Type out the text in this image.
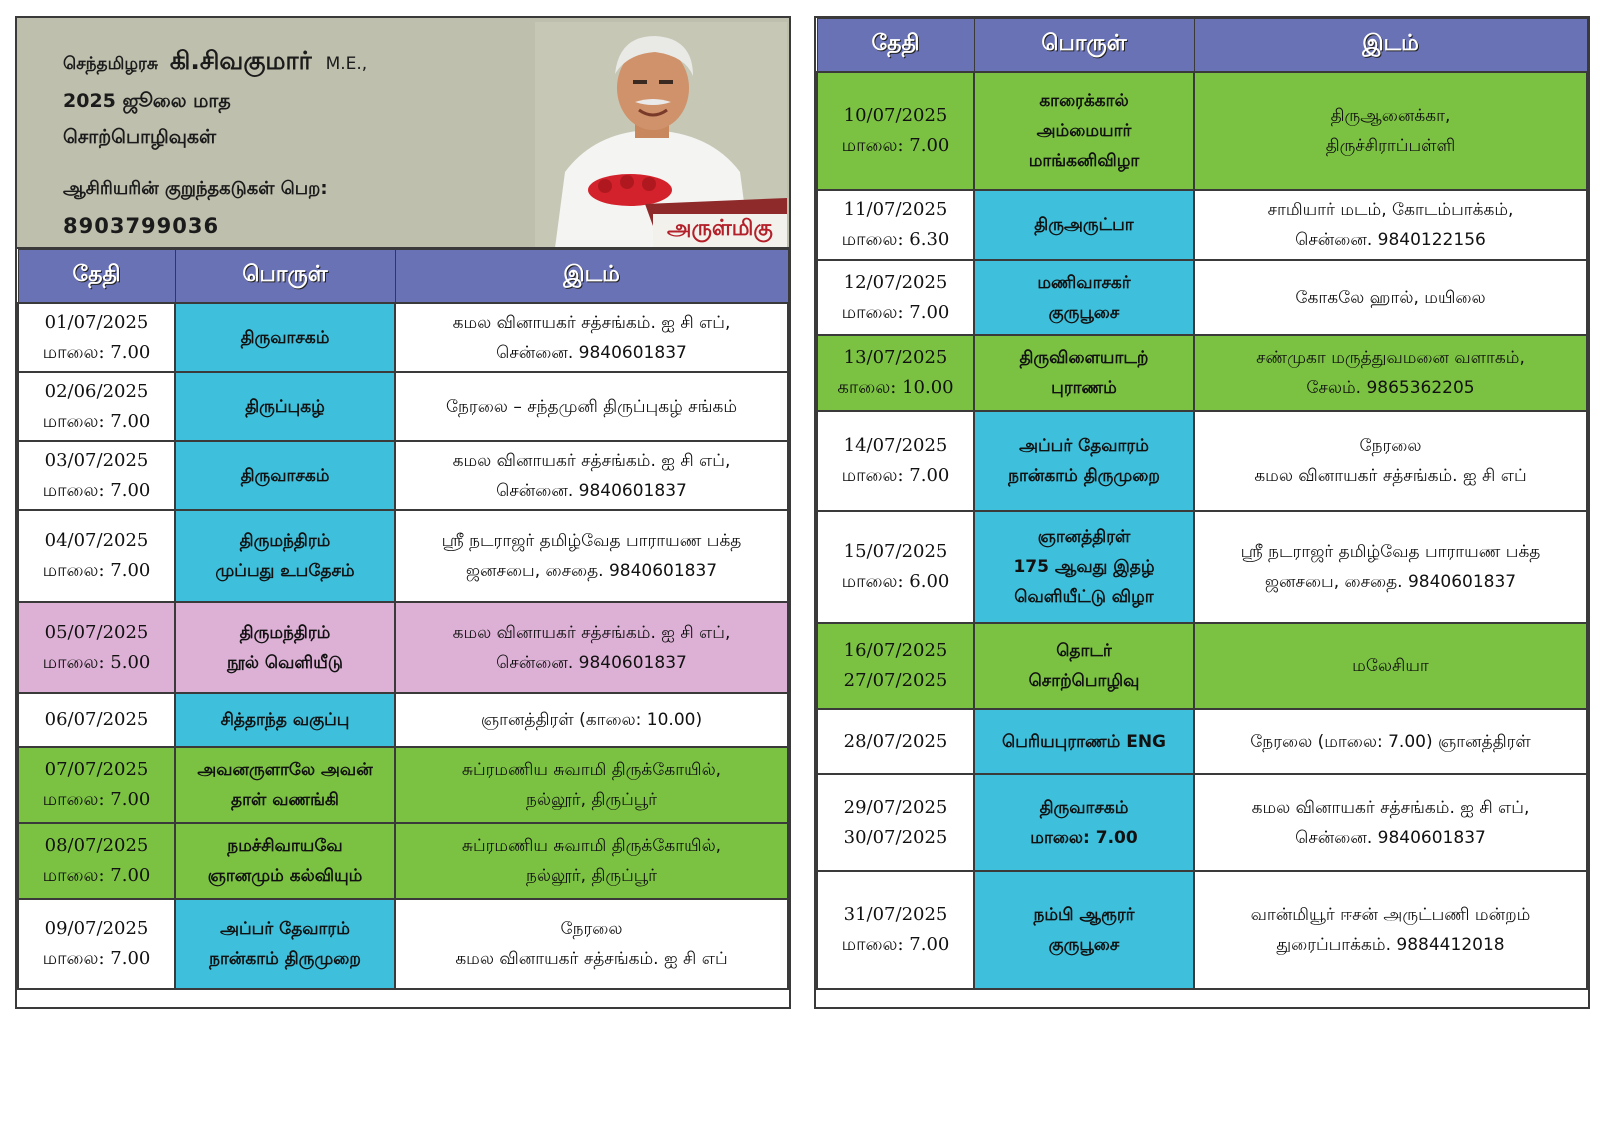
செந்தமிழரசு கி.சிவகுமார் M.E.,
2025 ஜூலை மாத
சொற்பொழிவுகள்
ஆசிரியரின் குறுந்தகடுகள் பெற:
8903799036	அருள்மிகு
தேதி	பொருள்	இடம்

01/07/2025
மாலை: 7.00	திருவாசகம்	கமல வினாயகர் சத்சங்கம். ஐ சி எப்,
சென்னை. 9840601837

02/06/2025
மாலை: 7.00	திருப்புகழ்	நேரலை – சந்தமுனி திருப்புகழ் சங்கம்

03/07/2025
மாலை: 7.00	திருவாசகம்	கமல வினாயகர் சத்சங்கம். ஐ சி எப்,
சென்னை. 9840601837

04/07/2025
மாலை: 7.00	திருமந்திரம்
முப்பது உபதேசம்	ஸ்ரீ நடராஜர் தமிழ்வேத பாராயண பக்த
ஜனசபை, சைதை. 9840601837

05/07/2025
மாலை: 5.00	திருமந்திரம்
நூல் வெளியீடு	கமல வினாயகர் சத்சங்கம். ஐ சி எப்,
சென்னை. 9840601837

06/07/2025	சித்தாந்த வகுப்பு	ஞானத்திரள் (காலை: 10.00)

07/07/2025
மாலை: 7.00	அவனருளாலே அவன்
தாள் வணங்கி	சுப்ரமணிய சுவாமி திருக்கோயில்,
நல்லூர், திருப்பூர்

08/07/2025
மாலை: 7.00	நமச்சிவாயவே
ஞானமும் கல்வியும்	சுப்ரமணிய சுவாமி திருக்கோயில்,
நல்லூர், திருப்பூர்

09/07/2025
மாலை: 7.00	அப்பர் தேவாரம்
நான்காம் திருமுறை	நேரலை
கமல வினாயகர் சத்சங்கம். ஐ சி எப்
தேதி	பொருள்	இடம்

10/07/2025
மாலை: 7.00	காரைக்கால்
அம்மையார்
மாங்கனிவிழா	திருஆனைக்கா,
திருச்சிராப்பள்ளி

11/07/2025
மாலை: 6.30	திருஅருட்பா	சாமியார் மடம், கோடம்பாக்கம்,
சென்னை. 9840122156

12/07/2025
மாலை: 7.00	மணிவாசகர்
குருபூசை	கோகலே ஹால், மயிலை

13/07/2025
காலை: 10.00	திருவிளையாடற்
புராணம்	சண்முகா மருத்துவமனை வளாகம்,
சேலம். 9865362205

14/07/2025
மாலை: 7.00	அப்பர் தேவாரம்
நான்காம் திருமுறை	நேரலை
கமல வினாயகர் சத்சங்கம். ஐ சி எப்

15/07/2025
மாலை: 6.00	ஞானத்திரள்
175 ஆவது இதழ்
வெளியீட்டு விழா	ஸ்ரீ நடராஜர் தமிழ்வேத பாராயண பக்த
ஜனசபை, சைதை. 9840601837

16/07/2025
27/07/2025	தொடர்
சொற்பொழிவு	மலேசியா

28/07/2025	பெரியபுராணம் ENG	நேரலை (மாலை: 7.00) ஞானத்திரள்

29/07/2025
30/07/2025	திருவாசகம்
மாலை: 7.00	கமல வினாயகர் சத்சங்கம். ஐ சி எப்,
சென்னை. 9840601837

31/07/2025
மாலை: 7.00	நம்பி ஆரூரர்
குருபூசை	வான்மியூர் ஈசன் அருட்பணி மன்றம்
துரைப்பாக்கம். 9884412018
